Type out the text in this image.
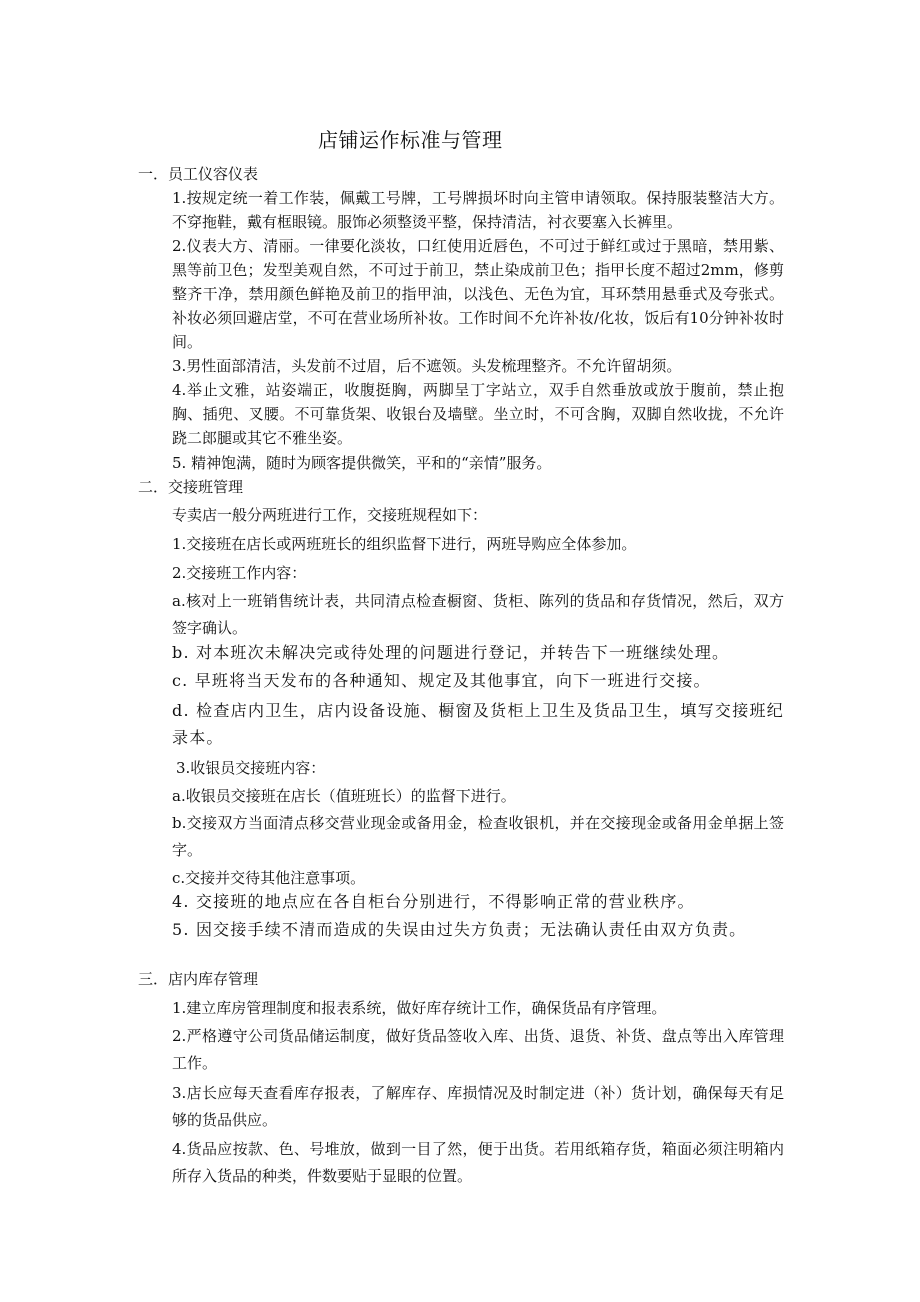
店铺运作标准与管理
一．员工仪容仪表
1.按规定统一着工作装，佩戴工号牌，工号牌损坏时向主管申请领取。保持服装整洁大方。不穿拖鞋，戴有框眼镜。服饰必须整烫平整，保持清洁，衬衣要塞入长裤里。
2.仪表大方、清丽。一律要化淡妆，口红使用近唇色，不可过于鲜红或过于黑暗，禁用紫、黑等前卫色；发型美观自然，不可过于前卫，禁止染成前卫色；指甲长度不超过2mm，修剪整齐干净，禁用颜色鲜艳及前卫的指甲油，以浅色、无色为宜，耳环禁用悬垂式及夸张式。补妆必须回避店堂，不可在营业场所补妆。工作时间不允许补妆/化妆，饭后有10分钟补妆时间。
3.男性面部清洁，头发前不过眉，后不遮领。头发梳理整齐。不允许留胡须。
4.举止文雅，站姿端正，收腹挺胸，两脚呈丁字站立，双手自然垂放或放于腹前，禁止抱胸、插兜、叉腰。不可靠货架、收银台及墙壁。坐立时，不可含胸，双脚自然收拢，不允许跷二郎腿或其它不雅坐姿。
5. 精神饱满，随时为顾客提供微笑，平和的“亲情”服务。
二．交接班管理
专卖店一般分两班进行工作，交接班规程如下：
1.交接班在店长或两班班长的组织监督下进行，两班导购应全体参加。
2.交接班工作内容：
a.核对上一班销售统计表，共同清点检查橱窗、货柜、陈列的货品和存货情况，然后，双方签字确认。
b. 对本班次未解决完或待处理的问题进行登记，并转告下一班继续处理。
c. 早班将当天发布的各种通知、规定及其他事宜，向下一班进行交接。
d. 检查店内卫生，店内设备设施、橱窗及货柜上卫生及货品卫生，填写交接班纪录本。
3.收银员交接班内容：
a.收银员交接班在店长（值班班长）的监督下进行。
b.交接双方当面清点移交营业现金或备用金，检查收银机，并在交接现金或备用金单据上签字。
c.交接并交待其他注意事项。
4. 交接班的地点应在各自柜台分别进行，不得影响正常的营业秩序。
5. 因交接手续不清而造成的失误由过失方负责；无法确认责任由双方负责。
三．店内库存管理
1.建立库房管理制度和报表系统，做好库存统计工作，确保货品有序管理。
2.严格遵守公司货品储运制度，做好货品签收入库、出货、退货、补货、盘点等出入库管理工作。
3.店长应每天查看库存报表，了解库存、库损情况及时制定进（补）货计划，确保每天有足够的货品供应。
4.货品应按款、色、号堆放，做到一目了然，便于出货。若用纸箱存货，箱面必须注明箱内所存入货品的种类，件数要贴于显眼的位置。
